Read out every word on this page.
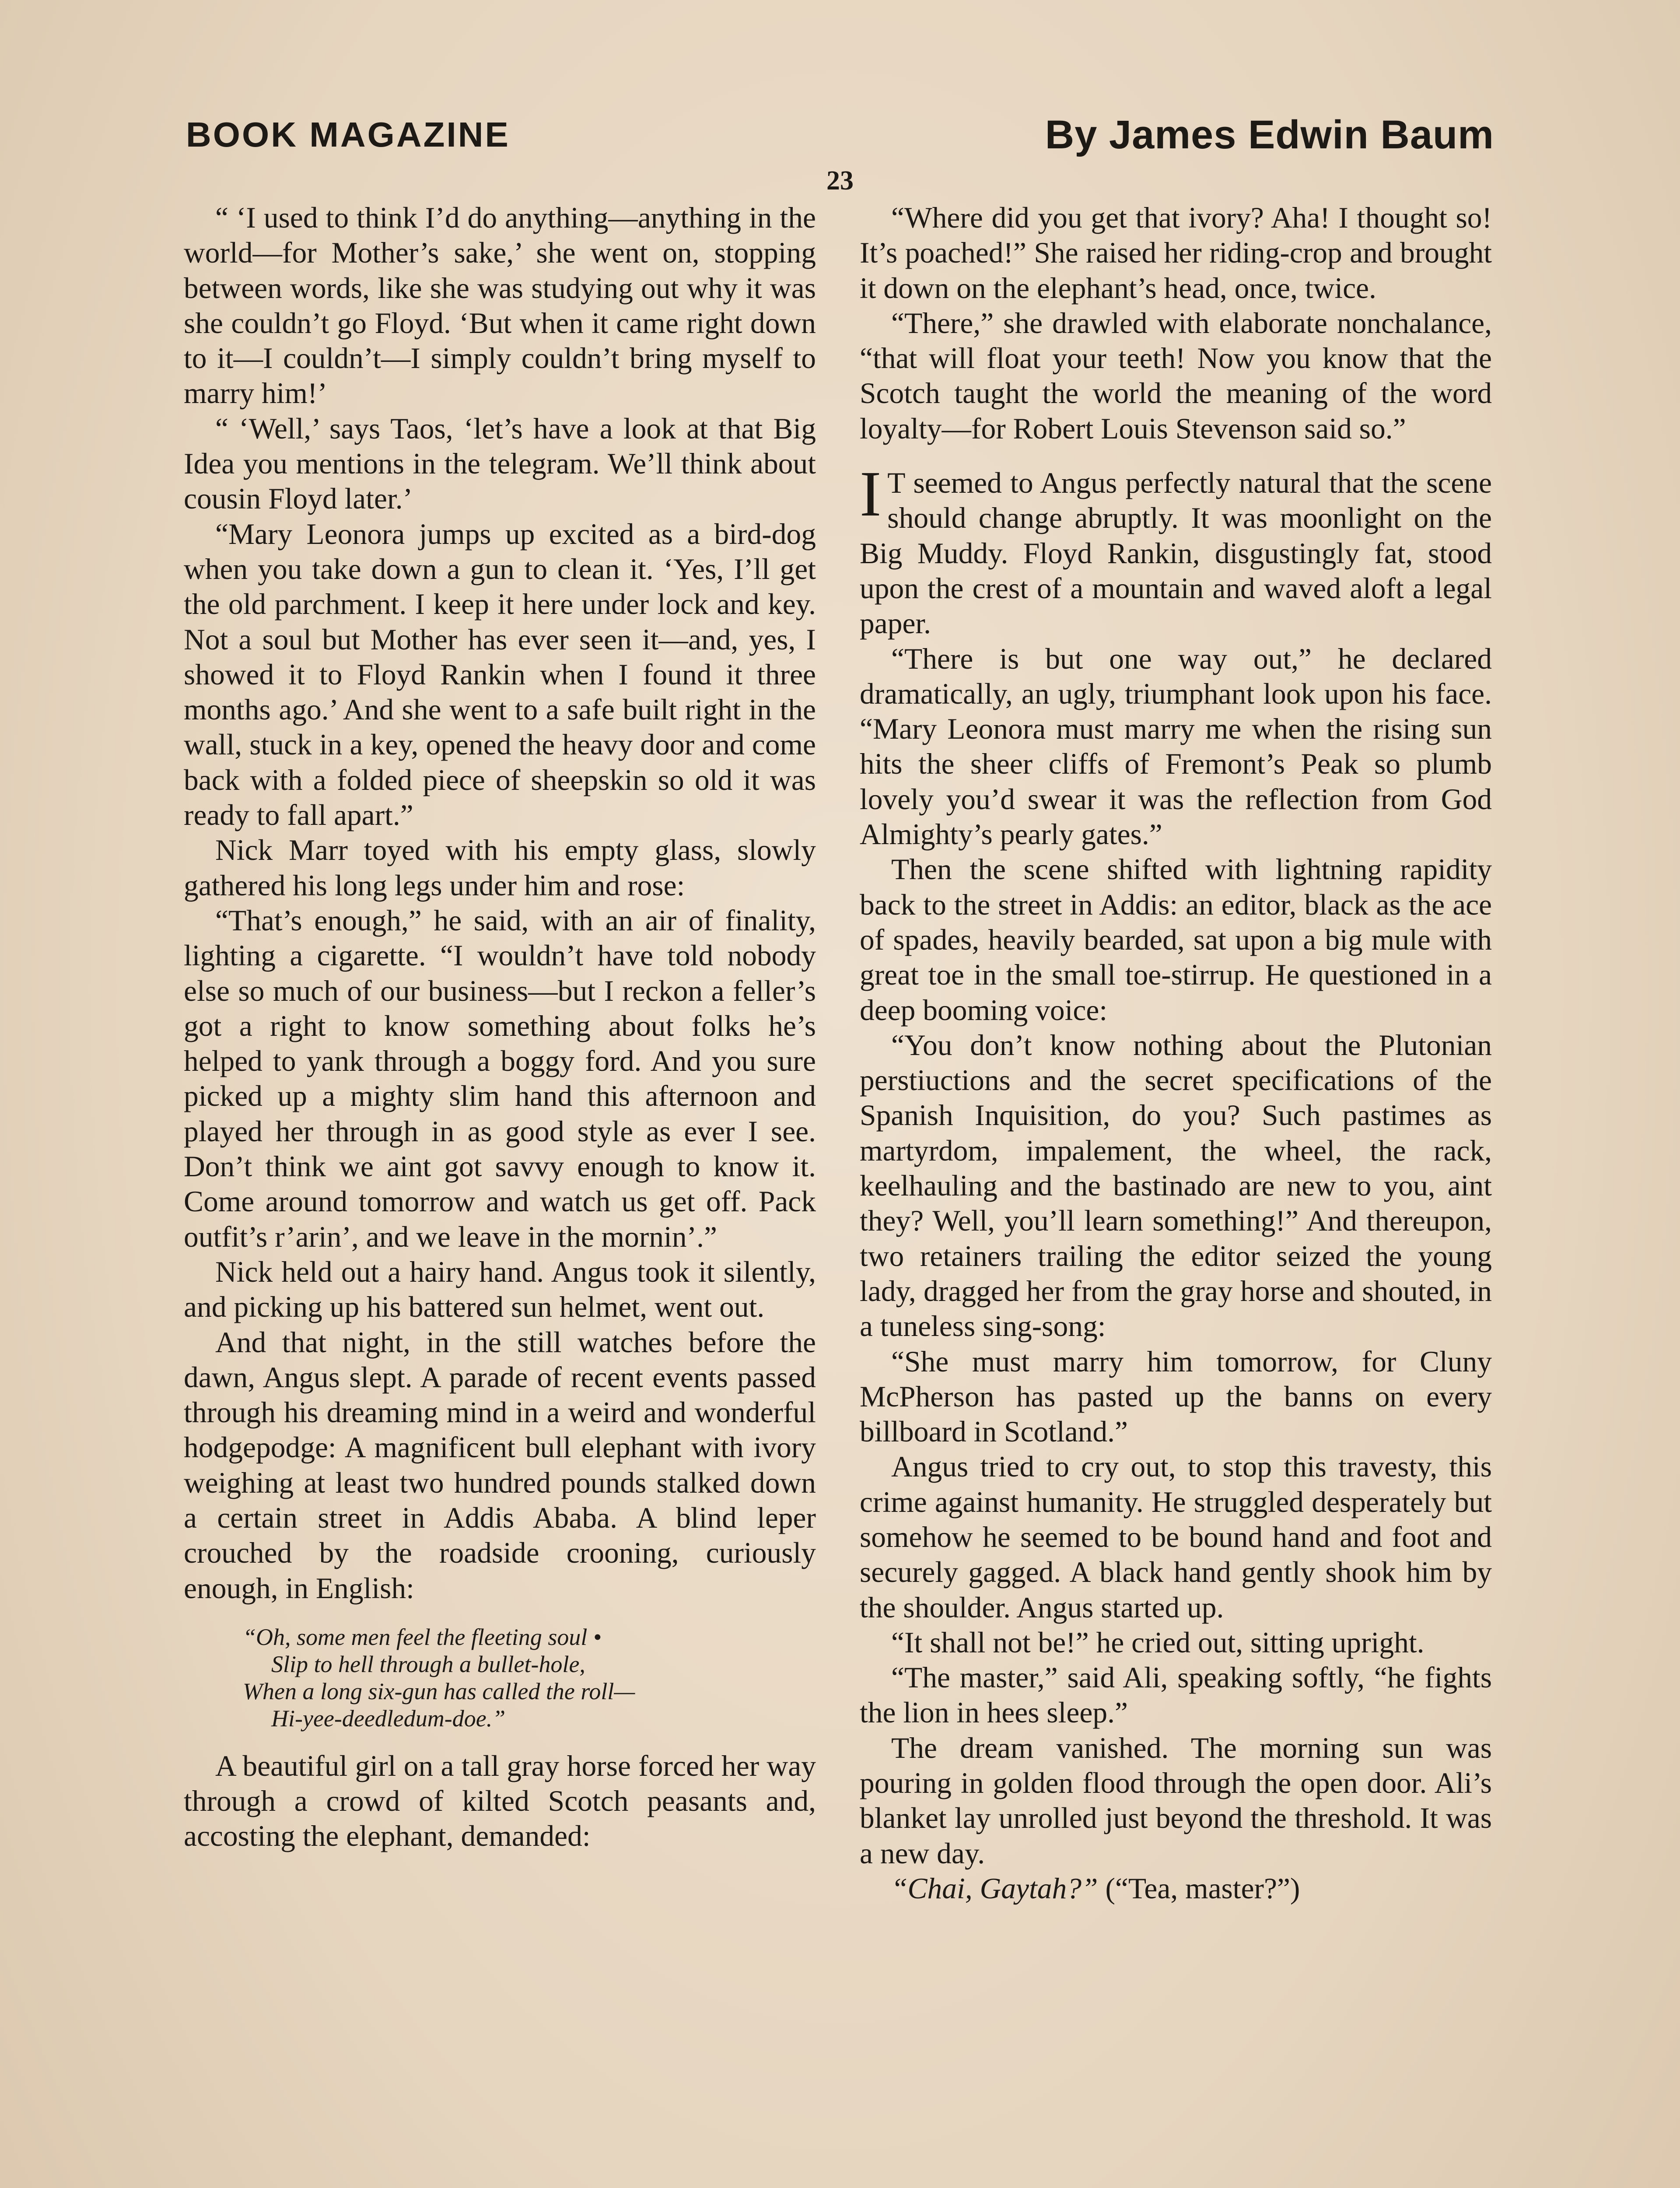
BOOK MAGAZINE	By James Edwin Baum
23

“ ‘I used to think I’d do anything—anything in the world—for Mother’s sake,’ she went on, stopping between words, like she was studying out why it was she couldn’t go Floyd. ‘But when it came right down to it—I couldn’t—I simply couldn’t bring myself to marry him!’

“ ‘Well,’ says Taos, ‘let’s have a look at that Big Idea you mentions in the telegram. We’ll think about cousin Floyd later.’

“Mary Leonora jumps up excited as a bird-dog when you take down a gun to clean it. ‘Yes, I’ll get the old parchment. I keep it here under lock and key. Not a soul but Mother has ever seen it—and, yes, I showed it to Floyd Rankin when I found it three months ago.’ And she went to a safe built right in the wall, stuck in a key, opened the heavy door and come back with a folded piece of sheepskin so old it was ready to fall apart.”

Nick Marr toyed with his empty glass, slowly gathered his long legs under him and rose:

“That’s enough,” he said, with an air of finality, lighting a cigarette. “I wouldn’t have told nobody else so much of our business—but I reckon a feller’s got a right to know something about folks he’s helped to yank through a boggy ford. And you sure picked up a mighty slim hand this afternoon and played her through in as good style as ever I see. Don’t think we aint got savvy enough to know it. Come around tomorrow and watch us get off. Pack outfit’s r’arin’, and we leave in the mornin’.”

Nick held out a hairy hand. Angus took it silently, and picking up his battered sun helmet, went out.

And that night, in the still watches before the dawn, Angus slept. A parade of recent events passed through his dreaming mind in a weird and wonderful hodgepodge: A magnificent bull elephant with ivory weighing at least two hundred pounds stalked down a certain street in Addis Ababa. A blind leper crouched by the roadside crooning, curiously enough, in English:

“Oh, some men feel the fleeting soul •
Slip to hell through a bullet-hole,
When a long six-gun has called the roll—
Hi-yee-deedledum-doe.”

A beautiful girl on a tall gray horse forced her way through a crowd of kilted Scotch peasants and, accosting the elephant, demanded:

“Where did you get that ivory? Aha! I thought so! It’s poached!” She raised her riding-crop and brought it down on the elephant’s head, once, twice.

“There,” she drawled with elaborate nonchalance, “that will float your teeth! Now you know that the Scotch taught the world the meaning of the word loyalty—for Robert Louis Stevenson said so.”

I T seemed to Angus perfectly natural that the scene should change abruptly. It was moonlight on the Big Muddy. Floyd Rankin, disgustingly fat, stood upon the crest of a mountain and waved aloft a legal paper.

“There is but one way out,” he declared dramatically, an ugly, triumphant look upon his face. “Mary Leonora must marry me when the rising sun hits the sheer cliffs of Fremont’s Peak so plumb lovely you’d swear it was the reflection from God Almighty’s pearly gates.”

Then the scene shifted with lightning rapidity back to the street in Addis: an editor, black as the ace of spades, heavily bearded, sat upon a big mule with great toe in the small toe-stirrup. He questioned in a deep booming voice:

“You don’t know nothing about the Plutonian perstiuctions and the secret specifications of the Spanish Inquisition, do you? Such pastimes as martyrdom, impalement, the wheel, the rack, keelhauling and the bastinado are new to you, aint they? Well, you’ll learn something!” And thereupon, two retainers trailing the editor seized the young lady, dragged her from the gray horse and shouted, in a tuneless sing-song:

“She must marry him tomorrow, for Cluny McPherson has pasted up the banns on every billboard in Scotland.”

Angus tried to cry out, to stop this travesty, this crime against humanity. He struggled desperately but somehow he seemed to be bound hand and foot and securely gagged. A black hand gently shook him by the shoulder. Angus started up.

“It shall not be!” he cried out, sitting upright.

“The master,” said Ali, speaking softly, “he fights the lion in hees sleep.”

The dream vanished. The morning sun was pouring in golden flood through the open door. Ali’s blanket lay unrolled just beyond the threshold. It was a new day.

“Chai, Gaytah?” (“Tea, master?”)
